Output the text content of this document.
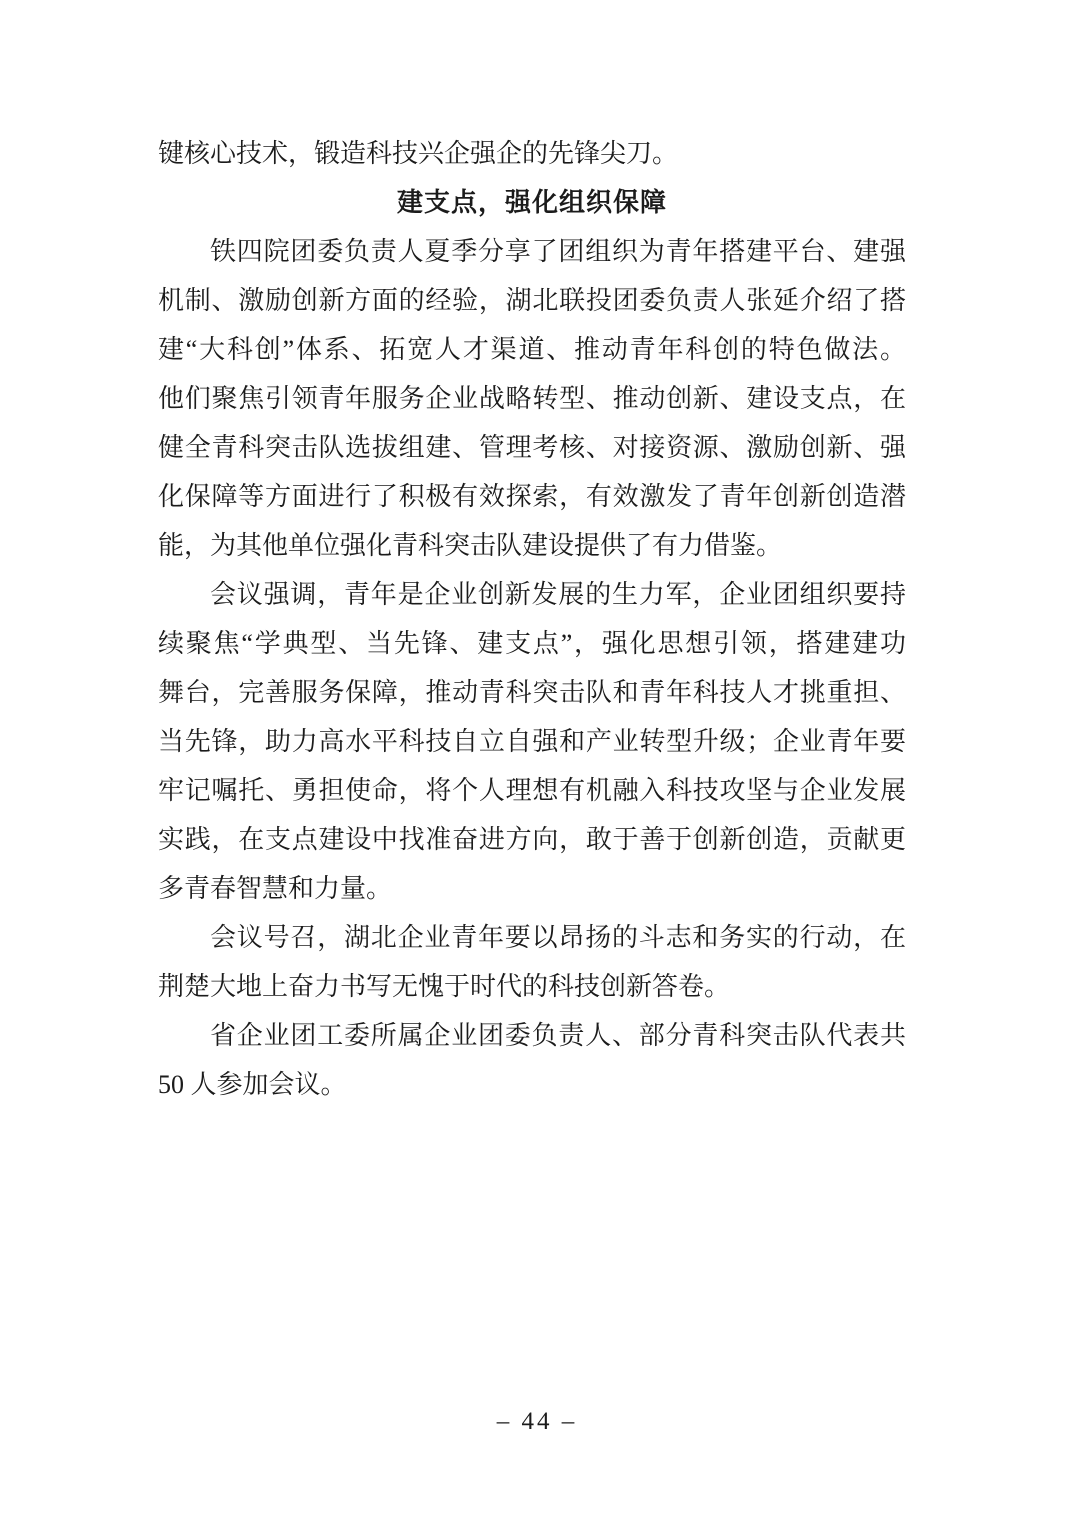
键核心技术，锻造科技兴企强企的先锋尖刀。
建支点，强化组织保障
铁四院团委负责人夏季分享了团组织为青年搭建平台、建强
机制、激励创新方面的经验，湖北联投团委负责人张延介绍了搭
建“大科创”体系、拓宽人才渠道、推动青年科创的特色做法。
他们聚焦引领青年服务企业战略转型、推动创新、建设支点，在
健全青科突击队选拔组建、管理考核、对接资源、激励创新、强
化保障等方面进行了积极有效探索，有效激发了青年创新创造潜
能，为其他单位强化青科突击队建设提供了有力借鉴。
会议强调，青年是企业创新发展的生力军，企业团组织要持
续聚焦“学典型、当先锋、建支点”，强化思想引领，搭建建功
舞台，完善服务保障，推动青科突击队和青年科技人才挑重担、
当先锋，助力高水平科技自立自强和产业转型升级；企业青年要
牢记嘱托、勇担使命，将个人理想有机融入科技攻坚与企业发展
实践，在支点建设中找准奋进方向，敢于善于创新创造，贡献更
多青春智慧和力量。
会议号召，湖北企业青年要以昂扬的斗志和务实的行动，在
荆楚大地上奋力书写无愧于时代的科技创新答卷。
省企业团工委所属企业团委负责人、部分青科突击队代表共
50 人参加会议。
– 44 –
